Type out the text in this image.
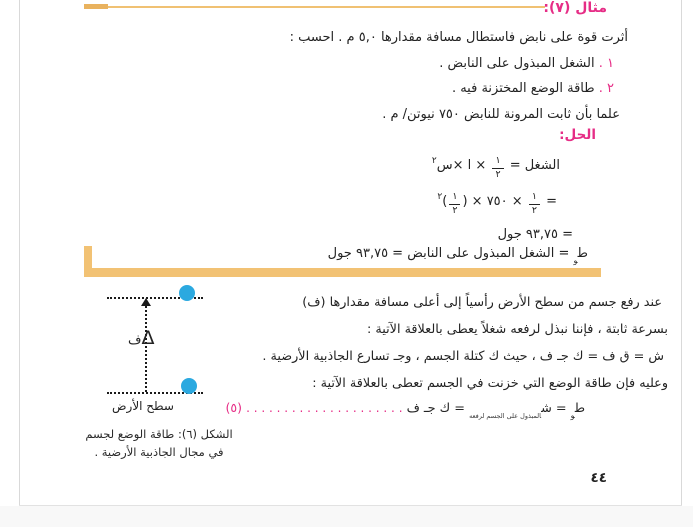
مثال (٧):
أثرت قوة على نابض فاستطال مسافة مقدارها ٥,٠ م . احسب :
١ . الشغل المبذول على النابض .
٢ . طاقة الوضع المختزنة فيه .
علما بأن ثابت المرونة للنابض ٧٥٠ نيوتن/ م .
الحل:
الشغل =
$\frac{١}{٢}$
× ا ×س$^٢$
=
$\frac{١}{٢}$
× ٧٥٠ × (
$\frac{١}{٢}$
)$^٢$
= ٩٣,٧٥ جول
ط$_و$ = الشغل المبذول على النابض = ٩٣,٧٥ جول
Δف
سطح الأرض
الشكل (٦): طاقة الوضع لجسم
في مجال الجاذبية الأرضية .
عند رفع جسم من سطح الأرض رأسياً إلى أعلى مسافة مقدارها (ف)
بسرعة ثابتة ، فإننا نبذل لرفعه شغلاً يعطى بالعلاقة الآتية :
ش = ق ف = ك جـ ف ، حيث ك كتلة الجسم ، وجـ تسارع الجاذبية الأرضية .
وعليه فإن طاقة الوضع التي خزنت في الجسم تعطى بالعلاقة الآتية :
ط$_و$ = ش$_{المبذول على الجسم لرفعه}$ = ك جـ ف . . . . . . . . . . . . . . . . . . . . . (٥)
٤٤
